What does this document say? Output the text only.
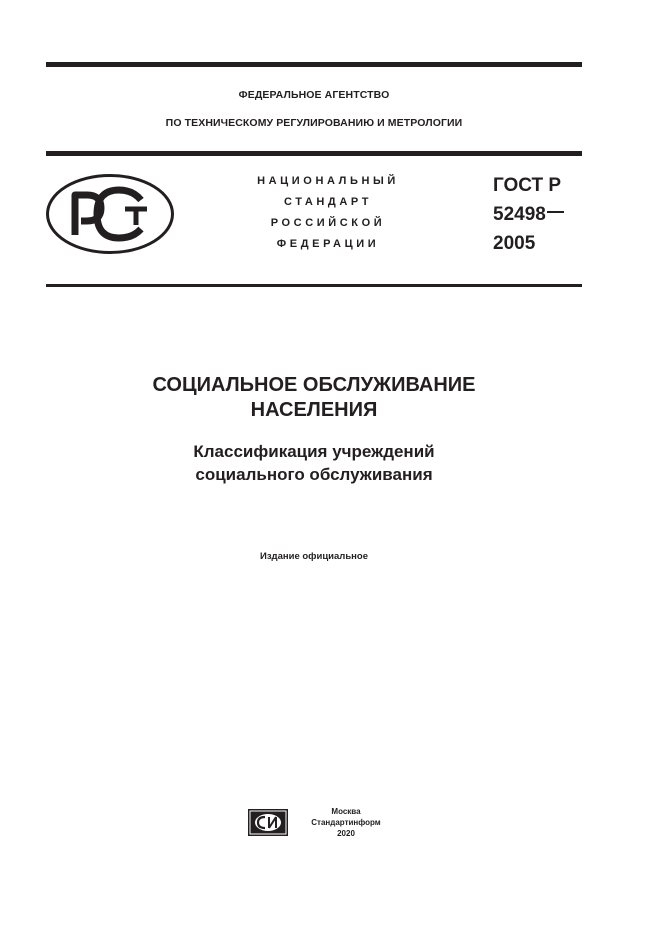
ФЕДЕРАЛЬНОЕ АГЕНТСТВО
ПО ТЕХНИЧЕСКОМУ РЕГУЛИРОВАНИЮ И МЕТРОЛОГИИ
НАЦИОНАЛЬНЫЙ
СТАНДАРТ
РОССИЙСКОЙ
ФЕДЕРАЦИИ
ГОСТ Р
52498
2005
СОЦИАЛЬНОЕ ОБСЛУЖИВАНИЕ
НАСЕЛЕНИЯ
Классификация учреждений
социального обслуживания
Издание официальное
Москва
Стандартинформ
2020
